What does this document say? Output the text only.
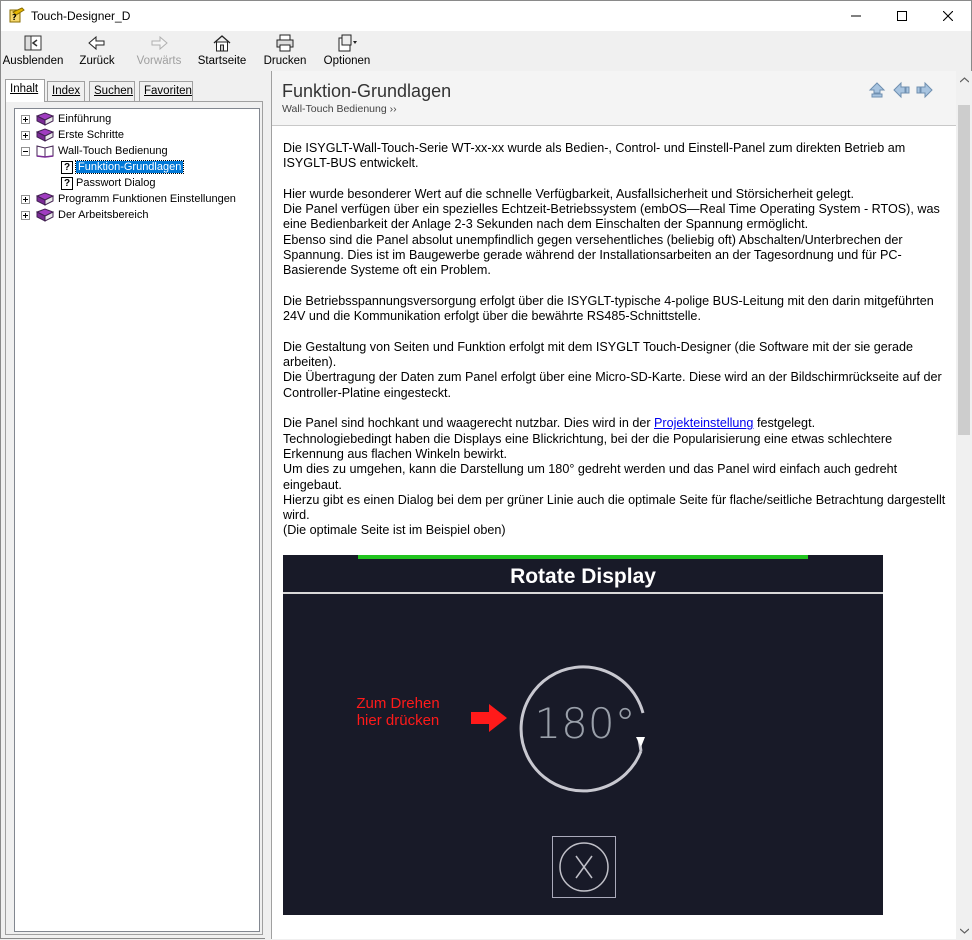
? Touch-Designer_D
Ausblenden Zurück Vorwärts Startseite Drucken Optionen
Inhalt	Index	Suchen Favoriten
Einführung
Erste Schritte
Wall-Touch Bedienung
? Funktion-Grundlagen
? Passwort Dialog
Programm Funktionen Einstellungen
Der Arbeitsbereich
Funktion-Grundlagen
Wall-Touch Bedienung ››

Die ISYGLT-Wall-Touch-Serie WT-xx-xx wurde als Bedien-, Control- und Einstell-Panel zum direkten Betrieb am ISYGLT-BUS entwickelt.

Hier wurde besonderer Wert auf die schnelle Verfügbarkeit, Ausfallsicherheit und Störsicherheit gelegt.
Die Panel verfügen über ein spezielles Echtzeit-Betriebssystem (embOS—Real Time Operating System - RTOS), was eine Bedienbarkeit der Anlage 2-3 Sekunden nach dem Einschalten der Spannung ermöglicht.
Ebenso sind die Panel absolut unempfindlich gegen versehentliches (beliebig oft) Abschalten/Unterbrechen der Spannung. Dies ist im Baugewerbe gerade während der Installationsarbeiten an der Tagesordnung und für PC-Basierende Systeme oft ein Problem.

Die Betriebsspannungsversorgung erfolgt über die ISYGLT-typische 4-polige BUS-Leitung mit den darin mitgeführten 24V und die Kommunikation erfolgt über die bewährte RS485-Schnittstelle.

Die Gestaltung von Seiten und Funktion erfolgt mit dem ISYGLT Touch-Designer (die Software mit der sie gerade arbeiten).
Die Übertragung der Daten zum Panel erfolgt über eine Micro-SD-Karte. Diese wird an der Bildschirmrückseite auf der Controller-Platine eingesteckt.

Die Panel sind hochkant und waagerecht nutzbar. Dies wird in der Projekteinstellung festgelegt.
Technologiebedingt haben die Displays eine Blickrichtung, bei der die Popularisierung eine etwas schlechtere Erkennung aus flachen Winkeln bewirkt.
Um dies zu umgehen, kann die Darstellung um 180° gedreht werden und das Panel wird einfach auch gedreht eingebaut.
Hierzu gibt es einen Dialog bei dem per grüner Linie auch die optimale Seite für flache/seitliche Betrachtung dargestellt wird.
(Die optimale Seite ist im Beispiel oben)

Rotate Display
Zum Drehen
hier drücken	180°
